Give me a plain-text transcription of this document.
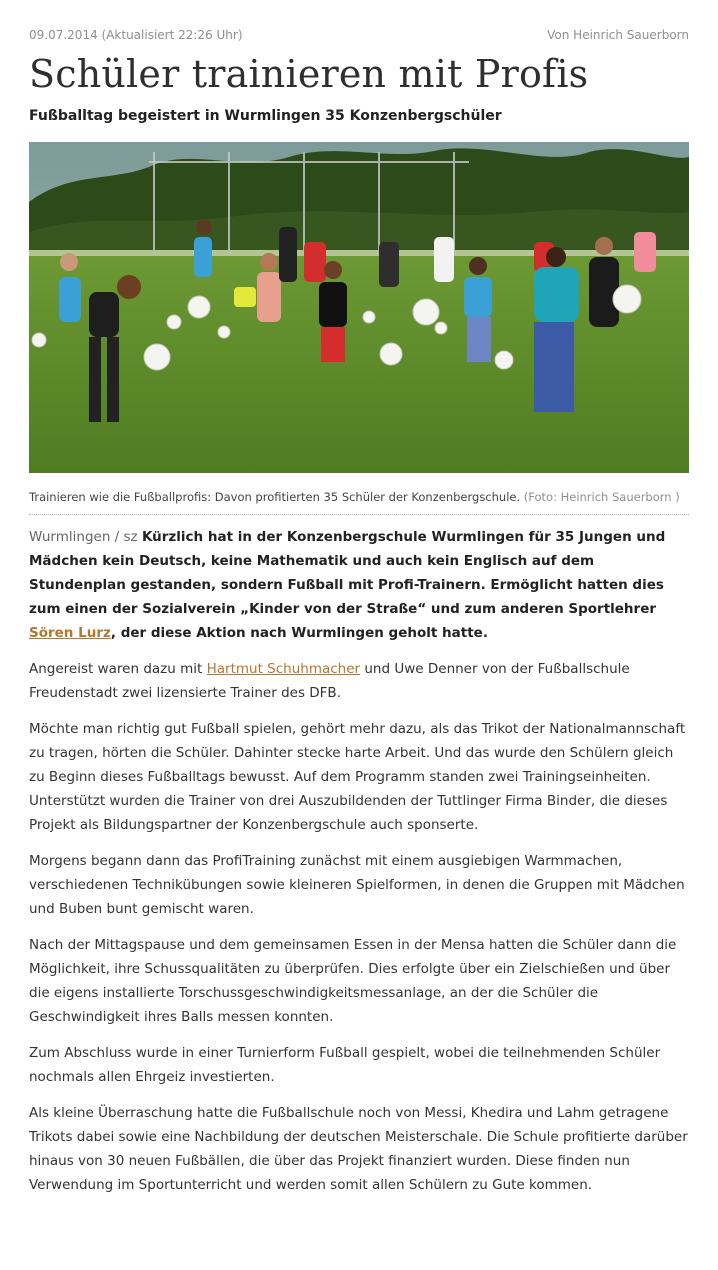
09.07.2014 (Aktualisiert 22:26 Uhr)	Von Heinrich Sauerborn
Schüler trainieren mit Profis
Fußballtag begeistert in Wurmlingen 35 Konzenbergschüler
Trainieren wie die Fußballprofis: Davon profitierten 35 Schüler der Konzenbergschule. (Foto: Heinrich Sauerborn )

Wurmlingen / sz Kürzlich hat in der Konzenbergschule Wurmlingen für 35 Jungen und Mädchen kein Deutsch, keine Mathematik und auch kein Englisch auf dem Stundenplan gestanden, sondern Fußball mit Profi-Trainern. Ermöglicht hatten dies zum einen der Sozialverein „Kinder von der Straße“ und zum anderen Sportlehrer Sören Lurz, der diese Aktion nach Wurmlingen geholt hatte.

Angereist waren dazu mit Hartmut Schuhmacher und Uwe Denner von der Fußballschule Freudenstadt zwei lizensierte Trainer des DFB.

Möchte man richtig gut Fußball spielen, gehört mehr dazu, als das Trikot der Nationalmannschaft zu tragen, hörten die Schüler. Dahinter stecke harte Arbeit. Und das wurde den Schülern gleich zu Beginn dieses Fußballtags bewusst. Auf dem Programm standen zwei Trainingseinheiten. Unterstützt wurden die Trainer von drei Auszubildenden der Tuttlinger Firma Binder, die dieses Projekt als Bildungspartner der Konzenbergschule auch sponserte.

Morgens begann dann das ProfiTraining zunächst mit einem ausgiebigen Warmmachen, verschiedenen Technikübungen sowie kleineren Spielformen, in denen die Gruppen mit Mädchen und Buben bunt gemischt waren.

Nach der Mittagspause und dem gemeinsamen Essen in der Mensa hatten die Schüler dann die Möglichkeit, ihre Schussqualitäten zu überprüfen. Dies erfolgte über ein Zielschießen und über die eigens installierte Torschussgeschwindigkeitsmessanlage, an der die Schüler die Geschwindigkeit ihres Balls messen konnten.

Zum Abschluss wurde in einer Turnierform Fußball gespielt, wobei die teilnehmenden Schüler nochmals allen Ehrgeiz investierten.

Als kleine Überraschung hatte die Fußballschule noch von Messi, Khedira und Lahm getragene Trikots dabei sowie eine Nachbildung der deutschen Meisterschale. Die Schule profitierte darüber hinaus von 30 neuen Fußbällen, die über das Projekt finanziert wurden. Diese finden nun Verwendung im Sportunterricht und werden somit allen Schülern zu Gute kommen.
